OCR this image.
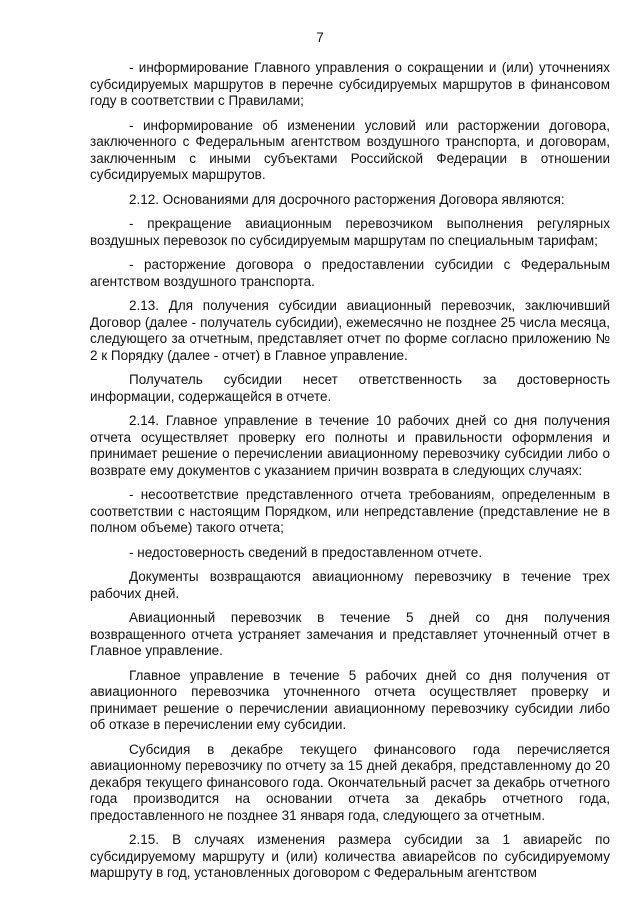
7

- информирование Главного управления о сокращении и (или) уточнениях субсидируемых маршрутов в перечне субсидируемых маршрутов в финансовом году в соответствии с Правилами;

- информирование об изменении условий или расторжении договора, заключенного с Федеральным агентством воздушного транспорта, и договорам, заключенным с иными субъектами Российской Федерации в отношении субсидируемых маршрутов.

2.12. Основаниями для досрочного расторжения Договора являются:

- прекращение авиационным перевозчиком выполнения регулярных воздушных перевозок по субсидируемым маршрутам по специальным тарифам;

- расторжение договора о предоставлении субсидии с Федеральным агентством воздушного транспорта.

2.13. Для получения субсидии авиационный перевозчик, заключивший Договор (далее - получатель субсидии), ежемесячно не позднее 25 числа месяца, следующего за отчетным, представляет отчет по форме согласно приложению № 2 к Порядку (далее - отчет) в Главное управление.

Получатель субсидии несет ответственность за достоверность информации, содержащейся в отчете.

2.14. Главное управление в течение 10 рабочих дней со дня получения отчета осуществляет проверку его полноты и правильности оформления и принимает решение о перечислении авиационному перевозчику субсидии либо о возврате ему документов с указанием причин возврата в следующих случаях:

- несоответствие представленного отчета требованиям, определенным в соответствии с настоящим Порядком, или непредставление (представление не в полном объеме) такого отчета;

- недостоверность сведений в предоставленном отчете.

Документы возвращаются авиационному перевозчику в течение трех рабочих дней.

Авиационный перевозчик в течение 5 дней со дня получения возвращенного отчета устраняет замечания и представляет уточненный отчет в Главное управление.

Главное управление в течение 5 рабочих дней со дня получения от авиационного перевозчика уточненного отчета осуществляет проверку и принимает решение о перечислении авиационному перевозчику субсидии либо об отказе в перечислении ему субсидии.

Субсидия в декабре текущего финансового года перечисляется авиационному перевозчику по отчету за 15 дней декабря, представленному до 20 декабря текущего финансового года. Окончательный расчет за декабрь отчетного года производится на основании отчета за декабрь отчетного года, предоставленного не позднее 31 января года, следующего за отчетным.

2.15. В случаях изменения размера субсидии за 1 авиарейс по субсидируемому маршруту и (или) количества авиарейсов по субсидируемому маршруту в год, установленных договором с Федеральным агентством
